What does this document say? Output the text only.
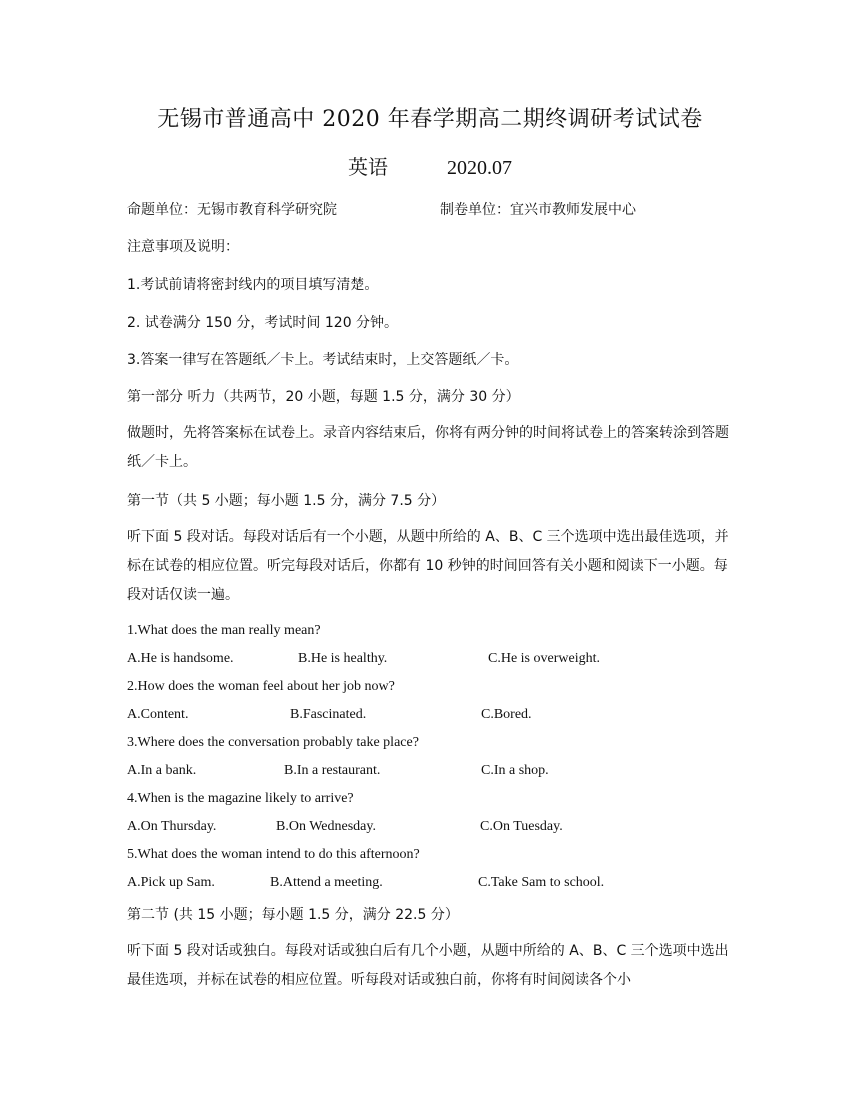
无锡市普通高中 2020 年春学期高二期终调研考试试卷
英语	2020.07
命题单位：无锡市教育科学研究院	制卷单位：宜兴市教师发展中心
注意事项及说明：
1.考试前请将密封线内的项目填写清楚。
2. 试卷满分 150 分，考试时间 120 分钟。
3.答案一律写在答题纸／卡上。考试结束时，上交答题纸／卡。
第一部分 听力（共两节，20 小题，每题 1.5 分，满分 30 分）
做题时，先将答案标在试卷上。录音内容结束后，你将有两分钟的时间将试卷上的答案转涂到答题纸／卡上。
第一节（共 5 小题；每小题 1.5 分，满分 7.5 分）
听下面 5 段对话。每段对话后有一个小题，从题中所给的 A、B、C 三个选项中选出最佳选项，并标在试卷的相应位置。听完每段对话后，你都有 10 秒钟的时间回答有关小题和阅读下一小题。每段对话仅读一遍。
1.What does the man really mean?
A.He is handsome.	B.He is healthy.	C.He is overweight.
2.How does the woman feel about her job now?
A.Content.	B.Fascinated.	C.Bored.
3.Where does the conversation probably take place?
A.In a bank.	B.In a restaurant.	C.In a shop.
4.When is the magazine likely to arrive?
A.On Thursday.	B.On Wednesday.	C.On Tuesday.
5.What does the woman intend to do this afternoon?
A.Pick up Sam.	B.Attend a meeting.	C.Take Sam to school.
第二节 (共 15 小题；每小题 1.5 分，满分 22.5 分）
听下面 5 段对话或独白。每段对话或独白后有几个小题，从题中所给的 A、B、C 三个选项中选出最佳选项，并标在试卷的相应位置。听每段对话或独白前，你将有时间阅读各个小
